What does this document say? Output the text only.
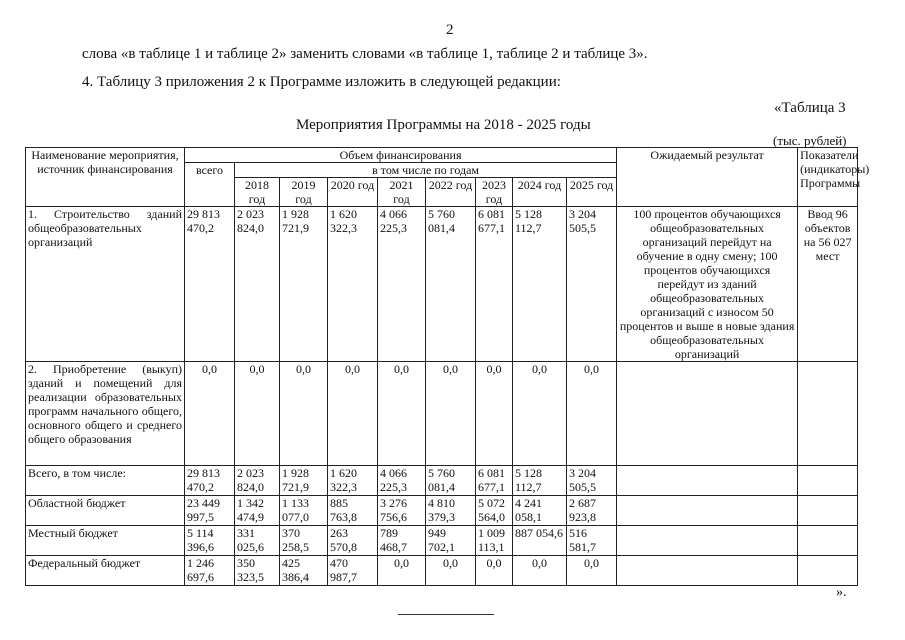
2
слова «в таблице 1 и таблице 2» заменить словами «в таблице 1, таблице 2 и таблице 3».
4. Таблицу 3 приложения 2 к Программе изложить в следующей редакции:
«Таблица 3
Мероприятия Программы на 2018 - 2025 годы
(тыс. рублей)
Наименование мероприятия, источник финансирования	Объем финансирования									Ожидаемый результат	Показатели (индикаторы) Программы
	всего	в том числе по годам									
		2018 год	2019 год	2020 год	2021 год	2022 год	2023 год	2024 год	2025 год		
1. Строительство зданий общеобразовательных организаций	29 813 470,2	2 023 824,0	1 928 721,9	1 620 322,3	4 066 225,3	5 760 081,4	6 081 677,1	5 128 112,7	3 204 505,5	100 процентов обучающихся общеобразовательных организаций перейдут на обучение в одну смену; 100 процентов обучающихся перейдут из зданий общеобразовательных организаций с износом 50 процентов и выше в новые здания общеобразовательных организаций	Ввод 96 объектов на 56 027 мест
2. Приобретение (выкуп) зданий и помещений для реализации образовательных программ начального общего, основного общего и среднего общего образования	0,0	0,0	0,0	0,0	0,0	0,0	0,0	0,0	0,0		
Всего, в том числе:	29 813 470,2	2 023 824,0	1 928 721,9	1 620 322,3	4 066 225,3	5 760 081,4	6 081 677,1	5 128 112,7	3 204 505,5		
Областной бюджет	23 449 997,5	1 342 474,9	1 133 077,0	885 763,8	3 276 756,6	4 810 379,3	5 072 564,0	4 241 058,1	2 687 923,8		
Местный бюджет	5 114 396,6	331 025,6	370 258,5	263 570,8	789 468,7	949 702,1	1 009 113,1	887 054,6	516 581,7		
Федеральный бюджет	1 246 697,6	350 323,5	425 386,4	470 987,7	0,0	0,0	0,0	0,0	0,0		
».
